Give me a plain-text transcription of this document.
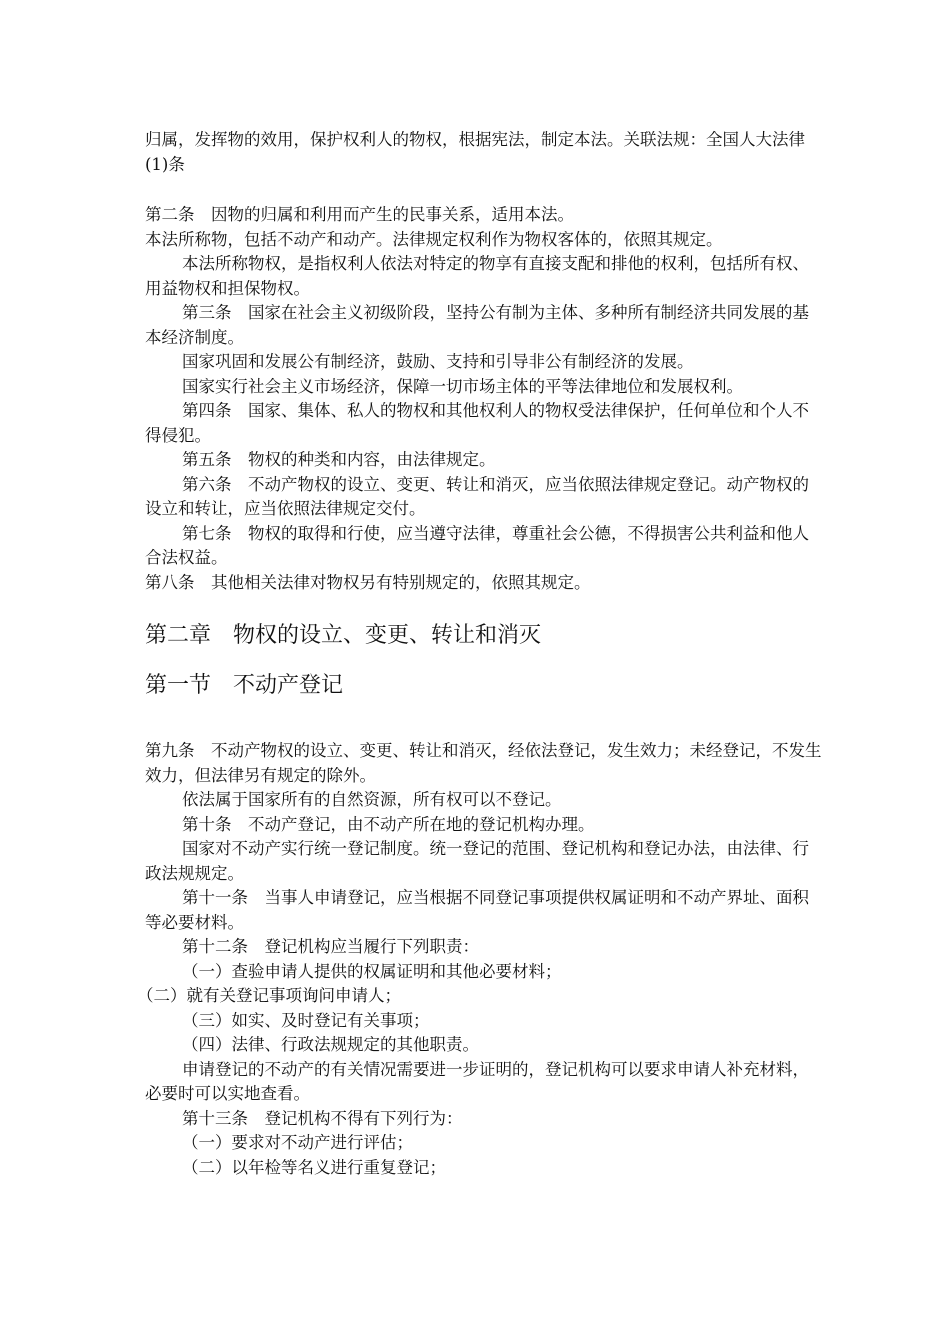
归属，发挥物的效用，保护权利人的物权，根据宪法，制定本法。关联法规：全国人大法律(1)条

第二条　因物的归属和利用而产生的民事关系，适用本法。

本法所称物，包括不动产和动产。法律规定权利作为物权客体的，依照其规定。

本法所称物权，是指权利人依法对特定的物享有直接支配和排他的权利，包括所有权、用益物权和担保物权。

第三条　国家在社会主义初级阶段，坚持公有制为主体、多种所有制经济共同发展的基本经济制度。

国家巩固和发展公有制经济，鼓励、支持和引导非公有制经济的发展。

国家实行社会主义市场经济，保障一切市场主体的平等法律地位和发展权利。

第四条　国家、集体、私人的物权和其他权利人的物权受法律保护，任何单位和个人不得侵犯。

第五条　物权的种类和内容，由法律规定。

第六条　不动产物权的设立、变更、转让和消灭，应当依照法律规定登记。动产物权的设立和转让，应当依照法律规定交付。

第七条　物权的取得和行使，应当遵守法律，尊重社会公德，不得损害公共利益和他人合法权益。

第八条　其他相关法律对物权另有特别规定的，依照其规定。

第二章　物权的设立、变更、转让和消灭
第一节　不动产登记

第九条　不动产物权的设立、变更、转让和消灭，经依法登记，发生效力；未经登记，不发生效力，但法律另有规定的除外。

依法属于国家所有的自然资源，所有权可以不登记。

第十条　不动产登记，由不动产所在地的登记机构办理。

国家对不动产实行统一登记制度。统一登记的范围、登记机构和登记办法，由法律、行政法规规定。

第十一条　当事人申请登记，应当根据不同登记事项提供权属证明和不动产界址、面积等必要材料。

第十二条　登记机构应当履行下列职责：

（一）查验申请人提供的权属证明和其他必要材料；

（二）就有关登记事项询问申请人；

（三）如实、及时登记有关事项；

（四）法律、行政法规规定的其他职责。

申请登记的不动产的有关情况需要进一步证明的，登记机构可以要求申请人补充材料，必要时可以实地查看。

第十三条　登记机构不得有下列行为：

（一）要求对不动产进行评估；

（二）以年检等名义进行重复登记；
